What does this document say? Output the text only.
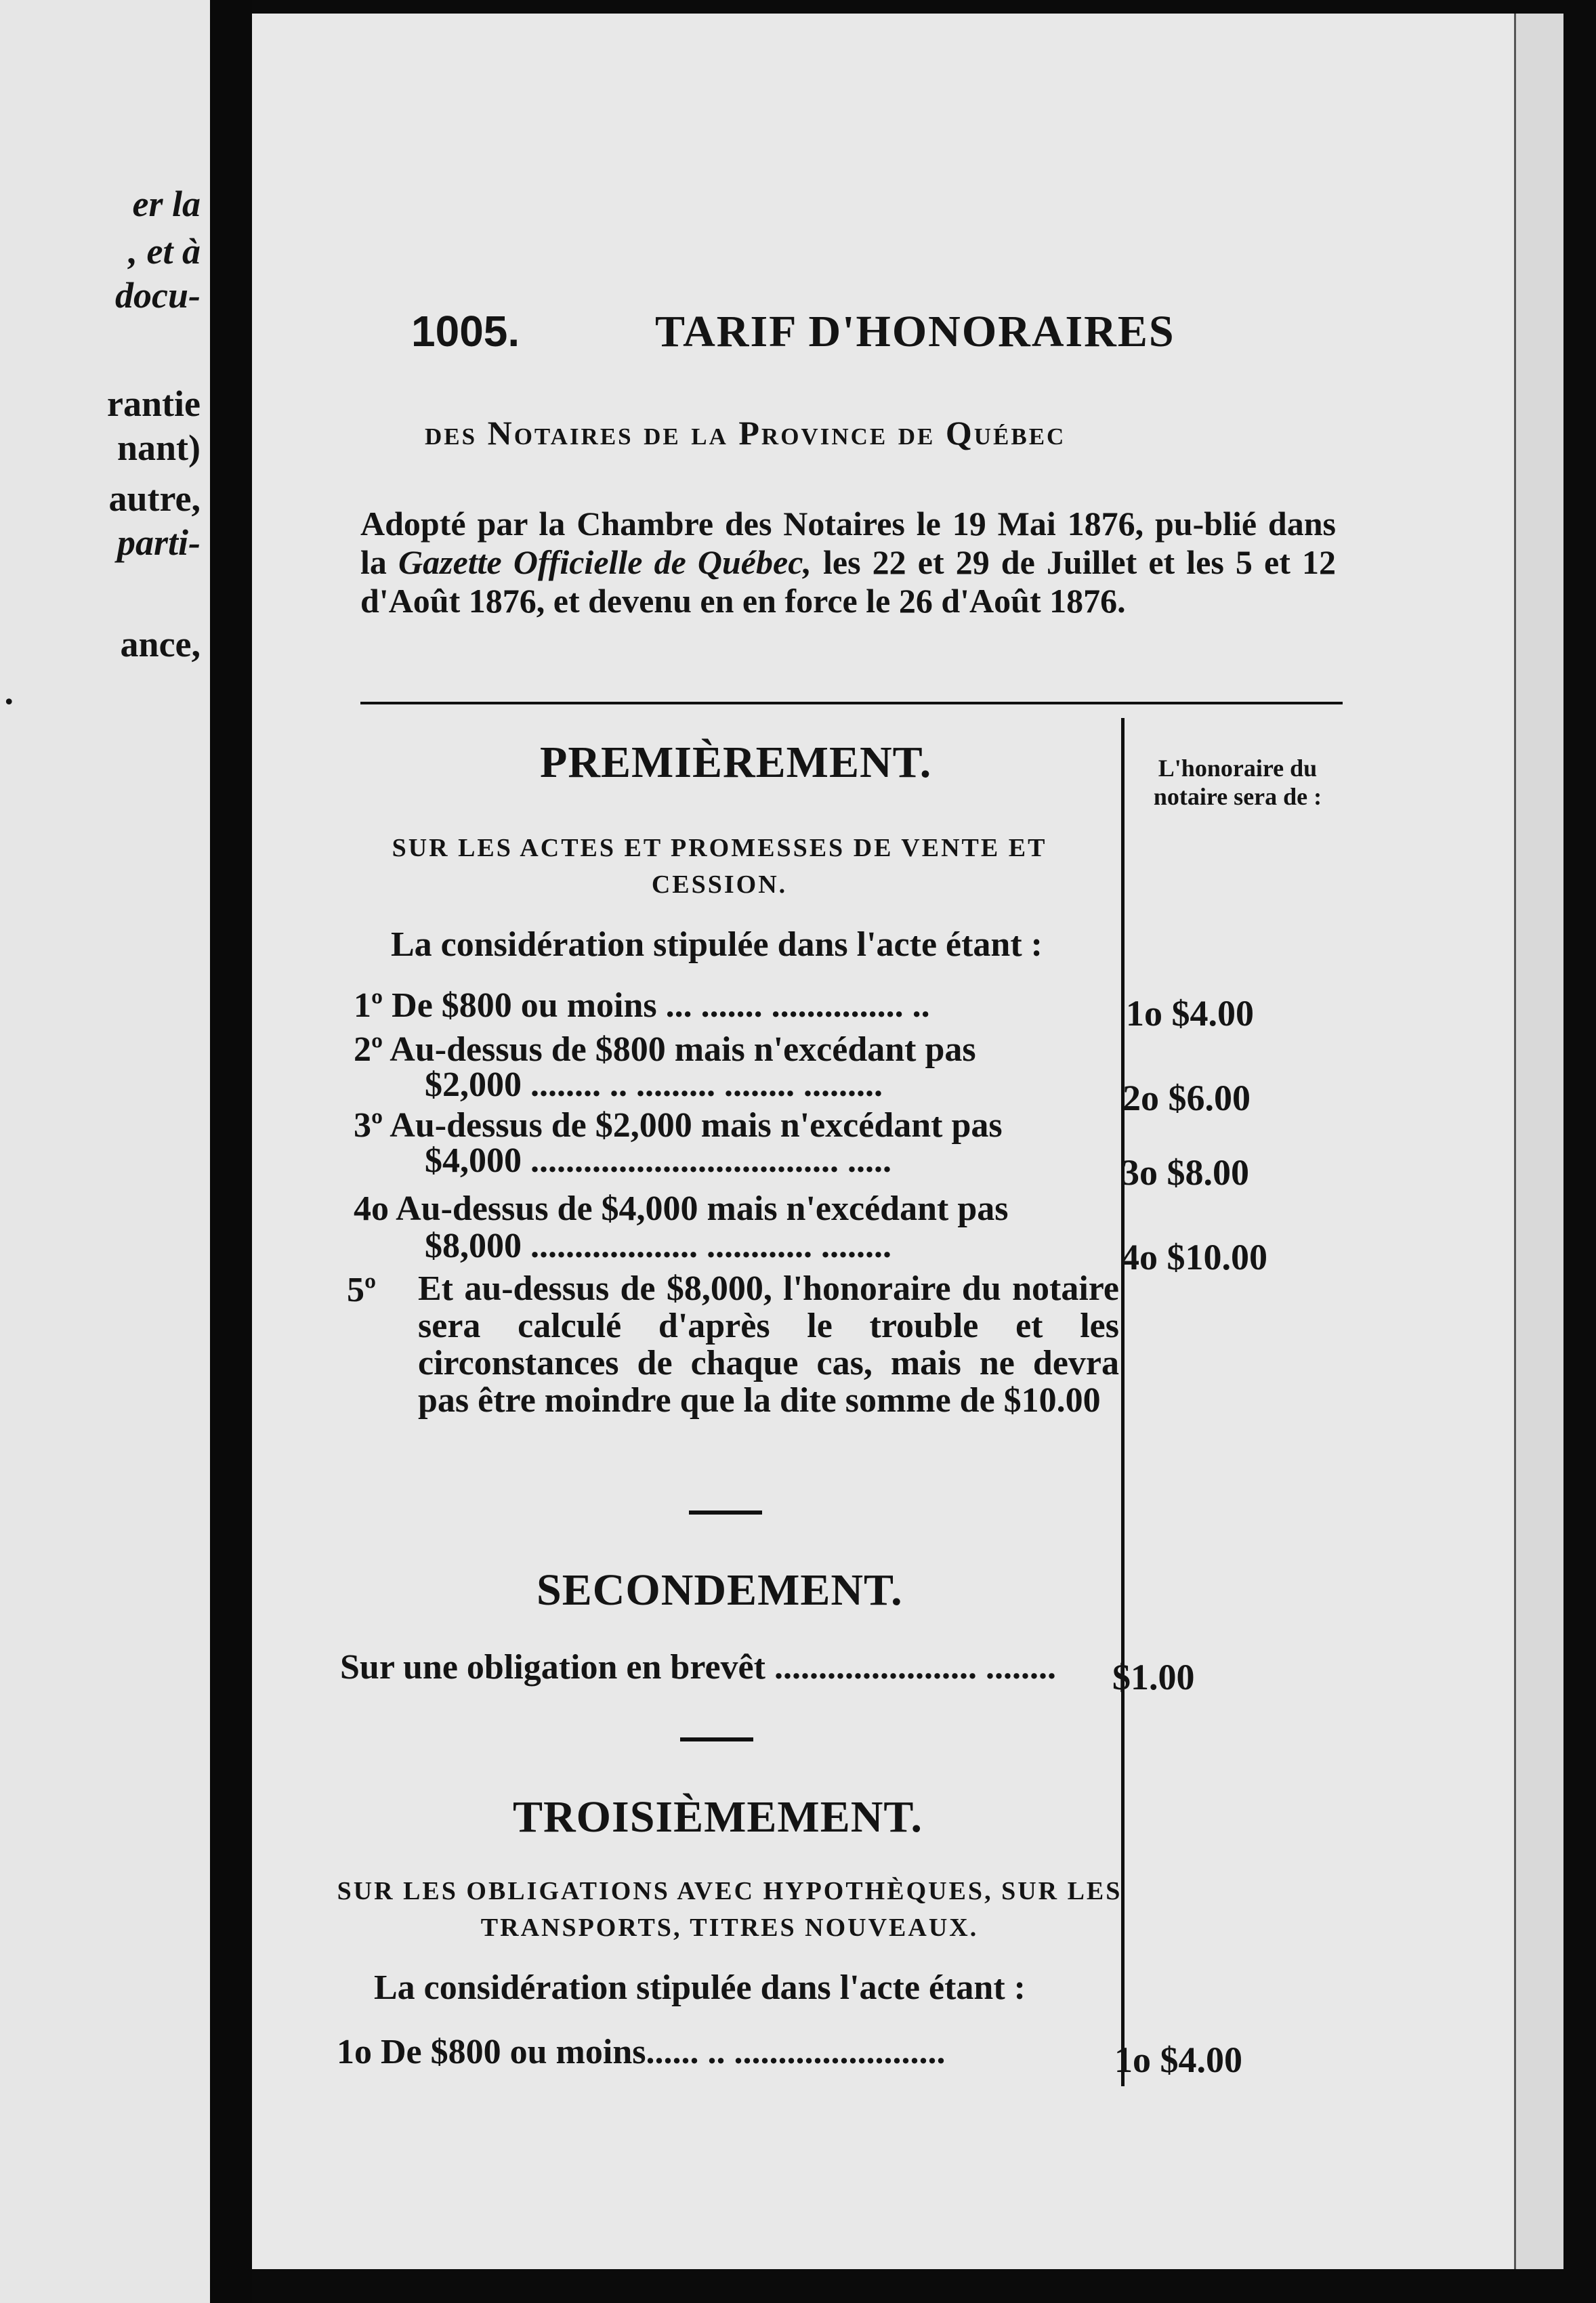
er la
, et à
docu-
rantie
nant)
autre,
parti-
ance,
.
1005.	TARIF D'HONORAIRES
des Notaires de la Province de Québec
Adopté par la Chambre des Notaires le 19 Mai 1876, pu-blié dans la Gazette Officielle de Québec, les 22 et 29 de Juillet et les 5 et 12 d'Août 1876, et devenu en en force le 26 d'Août 1876.
L'honoraire du notaire sera de :
PREMIÈREMENT.
SUR LES ACTES ET PROMESSES DE VENTE ET CESSION.
La considération stipulée dans l'acte étant :
1º De $800 ou moins ... ....... ............... ..	1o $4.00
2º Au-dessus de $800 mais n'excédant pas
$2,000 ........ .. ......... ........ .........	2o $6.00
3º Au-dessus de $2,000 mais n'excédant pas
$4,000 ................................... .....	3o $8.00
4o Au-dessus de $4,000 mais n'excédant pas
$8,000 ................... ............ ........	4o $10.00
5º Et au-dessus de $8,000, l'honoraire du notaire sera calculé d'après le trouble et les circonstances de chaque cas, mais ne devra pas être moindre que la dite somme de $10.00
SECONDEMENT.
Sur une obligation en brevêt ....................... ........ $1.00
TROISIÈMEMENT.
SUR LES OBLIGATIONS AVEC HYPOTHÈQUES, SUR LES TRANSPORTS, TITRES NOUVEAUX.
La considération stipulée dans l'acte étant :
1o De $800 ou moins...... .. ........................	1o $4.00
